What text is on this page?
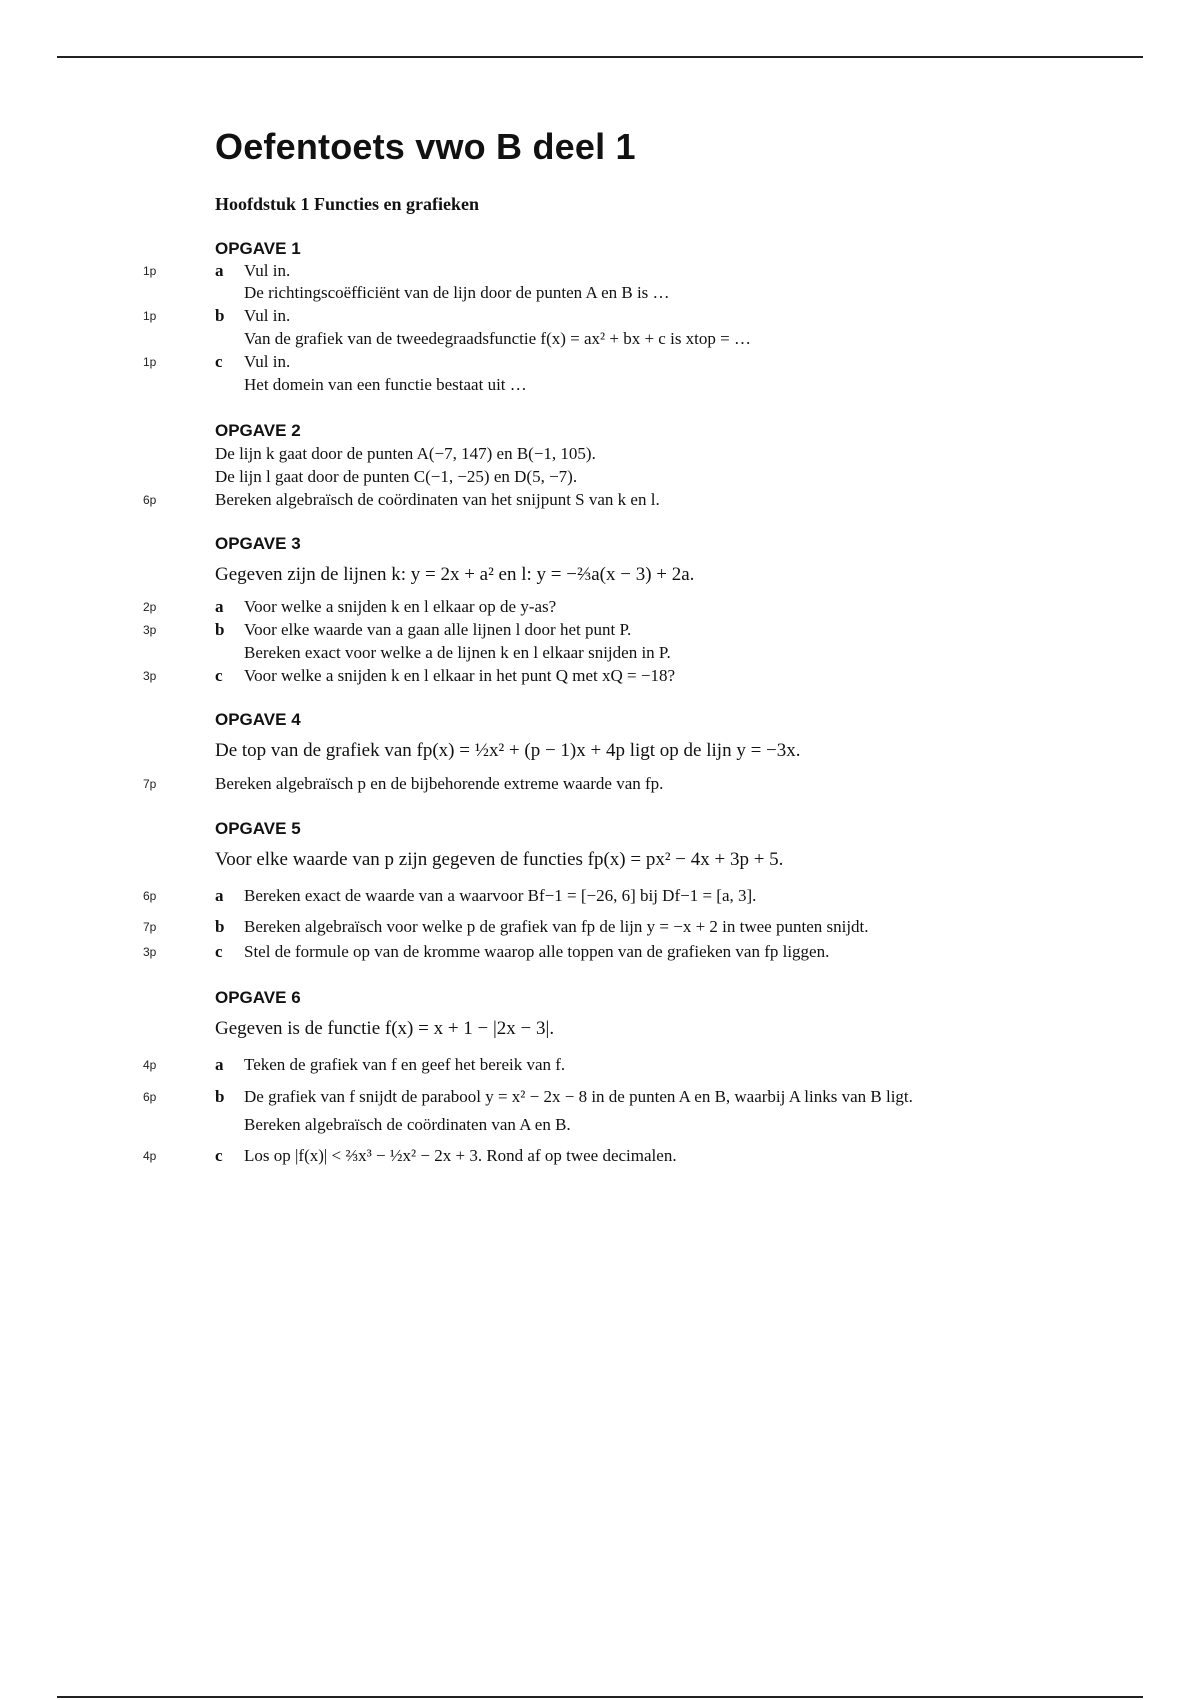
Oefentoets vwo B deel 1
Hoofdstuk 1 Functies en grafieken
OPGAVE 1
1p	a Vul in.
De richtingscoëfficiënt van de lijn door de punten A en B is …
1p	b Vul in.
Van de grafiek van de tweedegraadsfunctie f(x) = ax² + bx + c is xtop = …
1p	c Vul in.
Het domein van een functie bestaat uit …
OPGAVE 2
De lijn k gaat door de punten A(−7, 147) en B(−1, 105).
De lijn l gaat door de punten C(−1, −25) en D(5, −7).
6p	Bereken algebraïsch de coördinaten van het snijpunt S van k en l.
OPGAVE 3
Gegeven zijn de lijnen k: y = 2x + a² en l: y = −⅔a(x − 3) + 2a.
2p	a Voor welke a snijden k en l elkaar op de y-as?
3p	b Voor elke waarde van a gaan alle lijnen l door het punt P.
Bereken exact voor welke a de lijnen k en l elkaar snijden in P.
3p	c Voor welke a snijden k en l elkaar in het punt Q met xQ = −18?
OPGAVE 4
De top van de grafiek van fp(x) = ½x² + (p − 1)x + 4p ligt op de lijn y = −3x.
7p	Bereken algebraïsch p en de bijbehorende extreme waarde van fp.
OPGAVE 5
Voor elke waarde van p zijn gegeven de functies fp(x) = px² − 4x + 3p + 5.
6p	a Bereken exact de waarde van a waarvoor Bf−1 = [−26, 6] bij Df−1 = [a, 3].
7p	b Bereken algebraïsch voor welke p de grafiek van fp de lijn y = −x + 2 in twee punten snijdt.
3p	c Stel de formule op van de kromme waarop alle toppen van de grafieken van fp liggen.
OPGAVE 6
Gegeven is de functie f(x) = x + 1 − |2x − 3|.
4p	a Teken de grafiek van f en geef het bereik van f.
6p	b De grafiek van f snijdt de parabool y = x² − 2x − 8 in de punten A en B, waarbij A links van B ligt.
Bereken algebraïsch de coördinaten van A en B.
4p	c Los op |f(x)| < ⅔x³ − ½x² − 2x + 3. Rond af op twee decimalen.
